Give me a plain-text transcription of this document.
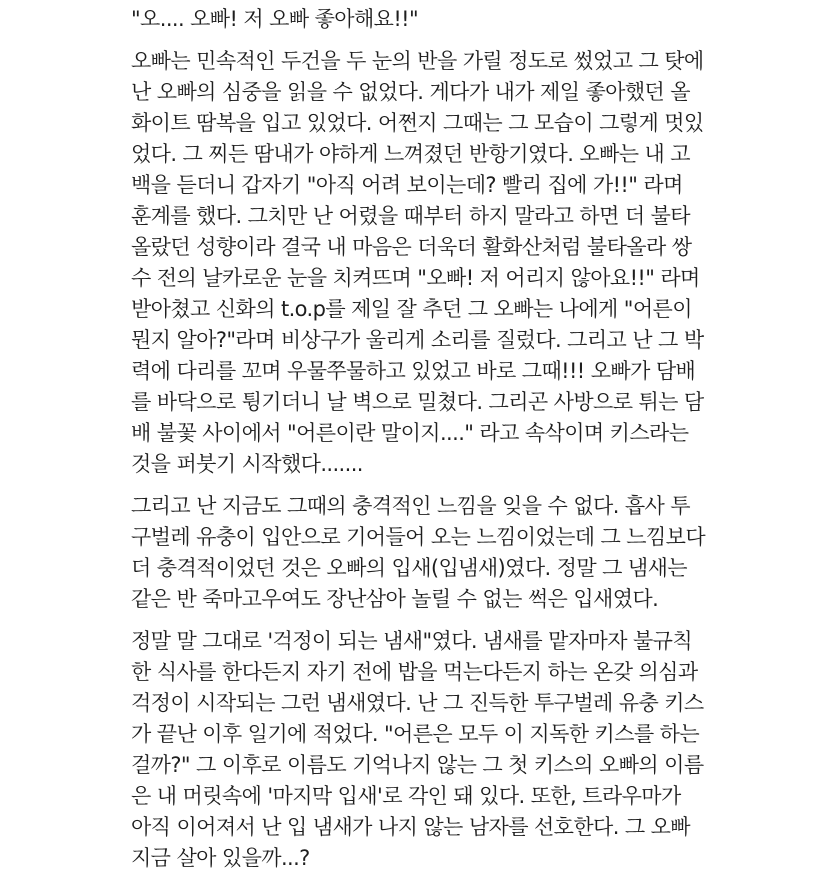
"오.... 오빠! 저 오빠 좋아해요!!"
오빠는 민속적인 두건을 두 눈의 반을 가릴 정도로 썼었고 그 탓에
난 오빠의 심중을 읽을 수 없었다. 게다가 내가 제일 좋아했던 올
화이트 땀복을 입고 있었다. 어쩐지 그때는 그 모습이 그렇게 멋있
었다. 그 찌든 땀내가 야하게 느껴졌던 반항기였다. 오빠는 내 고
백을 듣더니 갑자기 "아직 어려 보이는데? 빨리 집에 가!!" 라며
훈계를 했다. 그치만 난 어렸을 때부터 하지 말라고 하면 더 불타
올랐던 성향이라 결국 내 마음은 더욱더 활화산처럼 불타올라 쌍
수 전의 날카로운 눈을 치켜뜨며 "오빠! 저 어리지 않아요!!" 라며
받아쳤고 신화의 t.o.p를 제일 잘 추던 그 오빠는 나에게 "어른이
뭔지 알아?"라며 비상구가 울리게 소리를 질렀다. 그리고 난 그 박
력에 다리를 꼬며 우물쭈물하고 있었고 바로 그때!!! 오빠가 담배
를 바닥으로 튕기더니 날 벽으로 밀쳤다. 그리곤 사방으로 튀는 담
배 불꽃 사이에서 "어른이란 말이지...." 라고 속삭이며 키스라는
것을 퍼붓기 시작했다.......
그리고 난 지금도 그때의 충격적인 느낌을 잊을 수 없다. 흡사 투
구벌레 유충이 입안으로 기어들어 오는 느낌이었는데 그 느낌보다
더 충격적이었던 것은 오빠의 입새(입냄새)였다. 정말 그 냄새는
같은 반 죽마고우여도 장난삼아 놀릴 수 없는 썩은 입새였다.
정말 말 그대로 '걱정이 되는 냄새"였다. 냄새를 맡자마자 불규칙
한 식사를 한다든지 자기 전에 밥을 먹는다든지 하는 온갖 의심과
걱정이 시작되는 그런 냄새였다. 난 그 진득한 투구벌레 유충 키스
가 끝난 이후 일기에 적었다. "어른은 모두 이 지독한 키스를 하는
걸까?" 그 이후로 이름도 기억나지 않는 그 첫 키스의 오빠의 이름
은 내 머릿속에 '마지막 입새'로 각인 돼 있다. 또한, 트라우마가
아직 이어져서 난 입 냄새가 나지 않는 남자를 선호한다. 그 오빠
지금 살아 있을까...?
